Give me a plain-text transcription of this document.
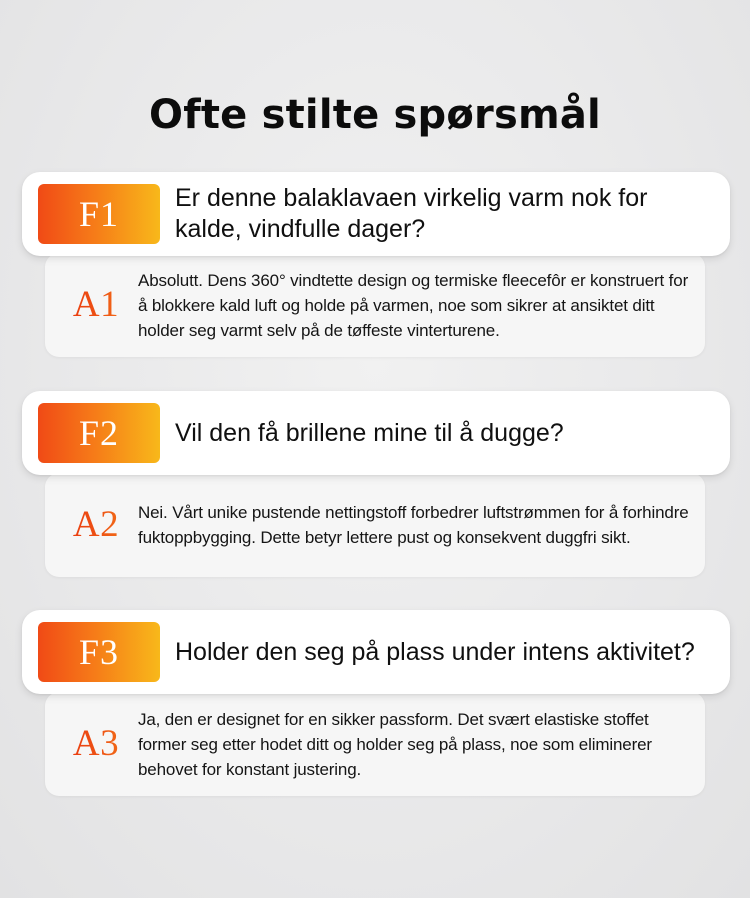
Ofte stilte spørsmål
F1	Er denne balaklavaen virkelig varm nok for kalde, vindfulle dager?
A1
Absolutt. Dens 360° vindtette design og termiske fleecefôr er konstruert for å blokkere kald luft og holde på varmen, noe som sikrer at ansiktet ditt holder seg varmt selv på de tøffeste vinterturene.
F2	Vil den få brillene mine til å dugge?
A2	Nei. Vårt unike pustende nettingstoff forbedrer luftstrømmen for å forhindre fuktoppbygging. Dette betyr lettere pust og konsekvent duggfri sikt.
F3	Holder den seg på plass under intens aktivitet?
A3
Ja, den er designet for en sikker passform. Det svært elastiske stoffet former seg etter hodet ditt og holder seg på plass, noe som eliminerer behovet for konstant justering.
